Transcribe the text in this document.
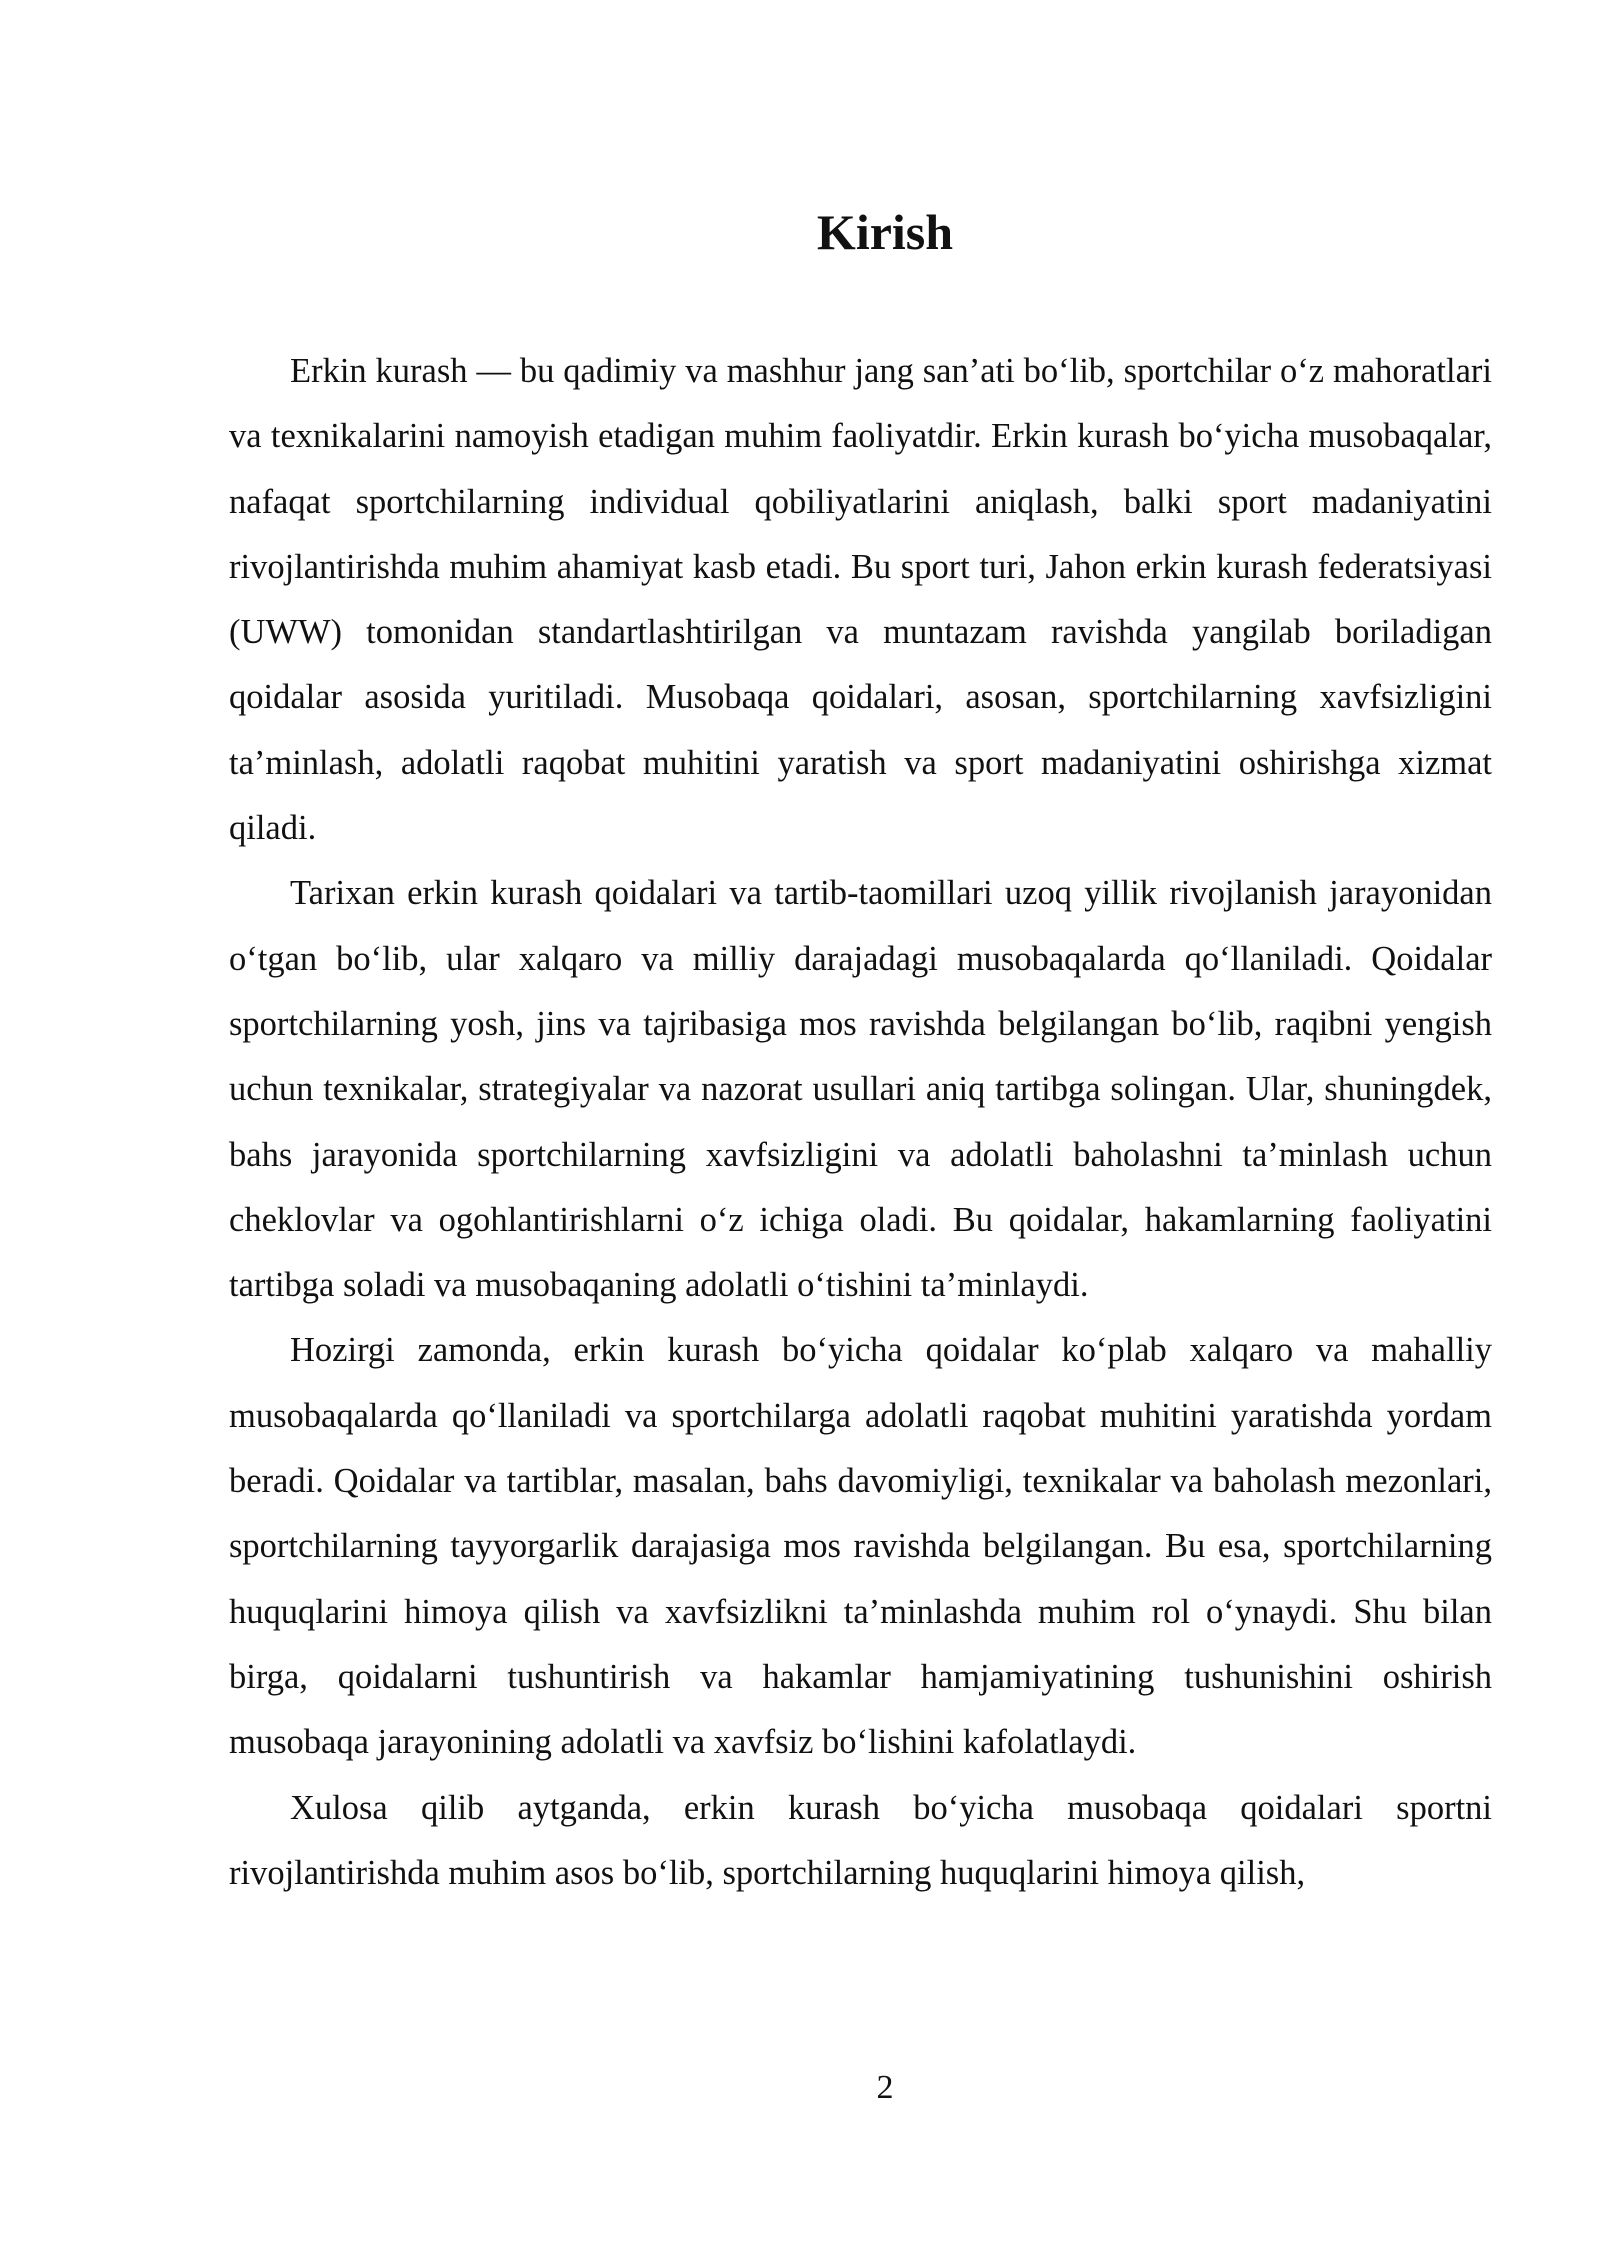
Kirish

Erkin kurash — bu qadimiy va mashhur jang san’ati bo‘lib, sportchilar o‘z mahoratlari va texnikalarini namoyish etadigan muhim faoliyatdir. Erkin kurash bo‘yicha musobaqalar, nafaqat sportchilarning individual qobiliyatlarini aniqlash, balki sport madaniyatini rivojlantirishda muhim ahamiyat kasb etadi. Bu sport turi, Jahon erkin kurash federatsiyasi (UWW) tomonidan standartlashtirilgan va muntazam ravishda yangilab boriladigan qoidalar asosida yuritiladi. Musobaqa qoidalari, asosan, sportchilarning xavfsizligini ta’minlash, adolatli raqobat muhitini yaratish va sport madaniyatini oshirishga xizmat qiladi.

Tarixan erkin kurash qoidalari va tartib-taomillari uzoq yillik rivojlanish jarayonidan o‘tgan bo‘lib, ular xalqaro va milliy darajadagi musobaqalarda qo‘llaniladi. Qoidalar sportchilarning yosh, jins va tajribasiga mos ravishda belgilangan bo‘lib, raqibni yengish uchun texnikalar, strategiyalar va nazorat usullari aniq tartibga solingan. Ular, shuningdek, bahs jarayonida sportchilarning xavfsizligini va adolatli baholashni ta’minlash uchun cheklovlar va ogohlantirishlarni o‘z ichiga oladi. Bu qoidalar, hakamlarning faoliyatini tartibga soladi va musobaqaning adolatli o‘tishini ta’minlaydi.

Hozirgi zamonda, erkin kurash bo‘yicha qoidalar ko‘plab xalqaro va mahalliy musobaqalarda qo‘llaniladi va sportchilarga adolatli raqobat muhitini yaratishda yordam beradi. Qoidalar va tartiblar, masalan, bahs davomiyligi, texnikalar va baholash mezonlari, sportchilarning tayyorgarlik darajasiga mos ravishda belgilangan. Bu esa, sportchilarning huquqlarini himoya qilish va xavfsizlikni ta’minlashda muhim rol o‘ynaydi. Shu bilan birga, qoidalarni tushuntirish va hakamlar hamjamiyatining tushunishini oshirish musobaqa jarayonining adolatli va xavfsiz bo‘lishini kafolatlaydi.

Xulosa qilib aytganda, erkin kurash bo‘yicha musobaqa qoidalari sportni rivojlantirishda muhim asos bo‘lib, sportchilarning huquqlarini himoya qilish,

2
